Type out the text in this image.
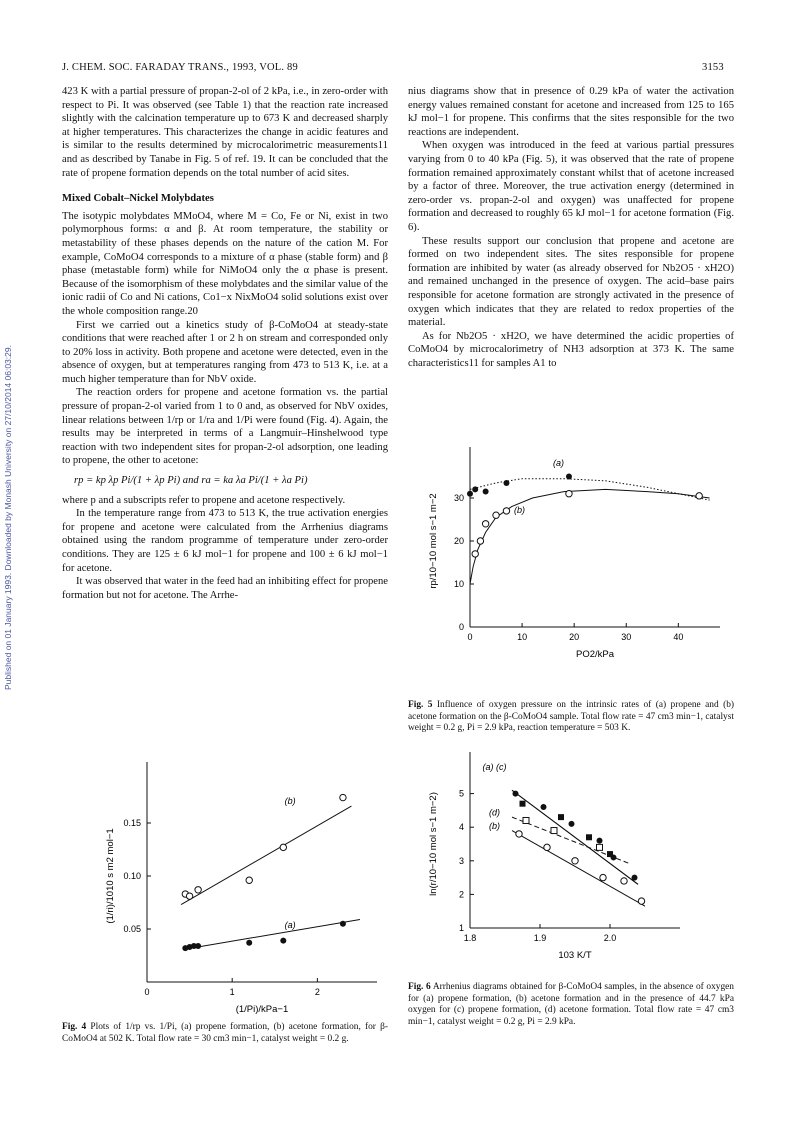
J. CHEM. SOC. FARADAY TRANS., 1993, VOL. 89	3153
Published on 01 January 1993. Downloaded by Monash University on 27/10/2014 06:03:29.

423 K with a partial pressure of propan-2-ol of 2 kPa, i.e., in zero-order with respect to Pi. It was observed (see Table 1) that the reaction rate increased slightly with the calcination temperature up to 673 K and decreased sharply at higher temperatures. This characterizes the change in acidic features and is similar to the results determined by microcalorimetric measurements11 and as described by Tanabe in Fig. 5 of ref. 19. It can be concluded that the rate of propene formation depends on the total number of acid sites.

Mixed Cobalt–Nickel Molybdates

The isotypic molybdates MMoO4, where M = Co, Fe or Ni, exist in two polymorphous forms: α and β. At room temperature, the stability or metastability of these phases depends on the nature of the cation M. For example, CoMoO4 corresponds to a mixture of α phase (stable form) and β phase (metastable form) while for NiMoO4 only the α phase is present. Because of the isomorphism of these molybdates and the similar value of the ionic radii of Co and Ni cations, Co1−x NixMoO4 solid solutions exist over the whole composition range.20

First we carried out a kinetics study of β-CoMoO4 at steady-state conditions that were reached after 1 or 2 h on stream and corresponded only to 20% loss in activity. Both propene and acetone were detected, even in the absence of oxygen, but at temperatures ranging from 473 to 513 K, i.e. at a much higher temperature than for NbV oxide.

The reaction orders for propene and acetone formation vs. the partial pressure of propan-2-ol varied from 1 to 0 and, as observed for NbV oxides, linear relations between 1/rp or 1/ra and 1/Pi were found (Fig. 4). Again, the results may be interpreted in terms of a Langmuir–Hinshelwood type reaction with two independent sites for propan-2-ol adsorption, one leading to propene, the other to acetone:

rp = kp λp Pi/(1 + λp Pi) and ra = ka λa Pi/(1 + λa Pi)

where p and a subscripts refer to propene and acetone respectively.

In the temperature range from 473 to 513 K, the true activation energies for propene and acetone were calculated from the Arrhenius diagrams obtained using the random programme of temperature under zero-order conditions. They are 125 ± 6 kJ mol−1 for propene and 100 ± 6 kJ mol−1 for acetone.

It was observed that water in the feed had an inhibiting effect for propene formation but not for acetone. The Arrhe-

nius diagrams show that in presence of 0.29 kPa of water the activation energy values remained constant for acetone and increased from 125 to 165 kJ mol−1 for propene. This confirms that the sites responsible for the two reactions are independent.

When oxygen was introduced in the feed at various partial pressures varying from 0 to 40 kPa (Fig. 5), it was observed that the rate of propene formation remained approximately constant whilst that of acetone increased by a factor of three. Moreover, the true activation energy (determined in zero-order vs. propan-2-ol and oxygen) was unaffected for propene formation and decreased to roughly 65 kJ mol−1 for acetone formation (Fig. 6).

These results support our conclusion that propene and acetone are formed on two independent sites. The sites responsible for propene formation are inhibited by water (as already observed for Nb2O5 · xH2O) and remained unchanged in the presence of oxygen. The acid–base pairs responsible for acetone formation are strongly activated in the presence of oxygen which indicates that they are related to redox properties of the material.

As for Nb2O5 · xH2O, we have determined the acidic properties of CoMoO4 by microcalorimetry of NH3 adsorption at 373 K. The same characteristics11 for samples A1 to

0	10	20	30	40
0
10
20
30
PO2/kPa
rp/10−10 mol s−1 m−2
(a)
(b)
Fig. 5 Influence of oxygen pressure on the intrinsic rates of (a) propene and (b) acetone formation on the β-CoMoO4 sample. Total flow rate = 47 cm3 min−1, catalyst weight = 0.2 g, Pi = 2.9 kPa, reaction temperature = 503 K.
0	1	2
0.05
0.10
0.15
(1/Pi)/kPa−1
(1/ri)/1010 s m2 mol−1
(b)
(a)
Fig. 4 Plots of 1/rp vs. 1/Pi, (a) propene formation, (b) acetone formation, for β-CoMoO4 at 502 K. Total flow rate = 30 cm3 min−1, catalyst weight = 0.2 g.
1.8	1.9	2.0
1
2
3
4
5
103 K/T
ln(r/10−10 mol s−1 m−2)
(a) (c)
(d)
(b)
Fig. 6 Arrhenius diagrams obtained for β-CoMoO4 samples, in the absence of oxygen for (a) propene formation, (b) acetone formation and in the presence of 44.7 kPa oxygen for (c) propene formation, (d) acetone formation. Total flow rate = 47 cm3 min−1, catalyst weight = 0.2 g, Pi = 2.9 kPa.
